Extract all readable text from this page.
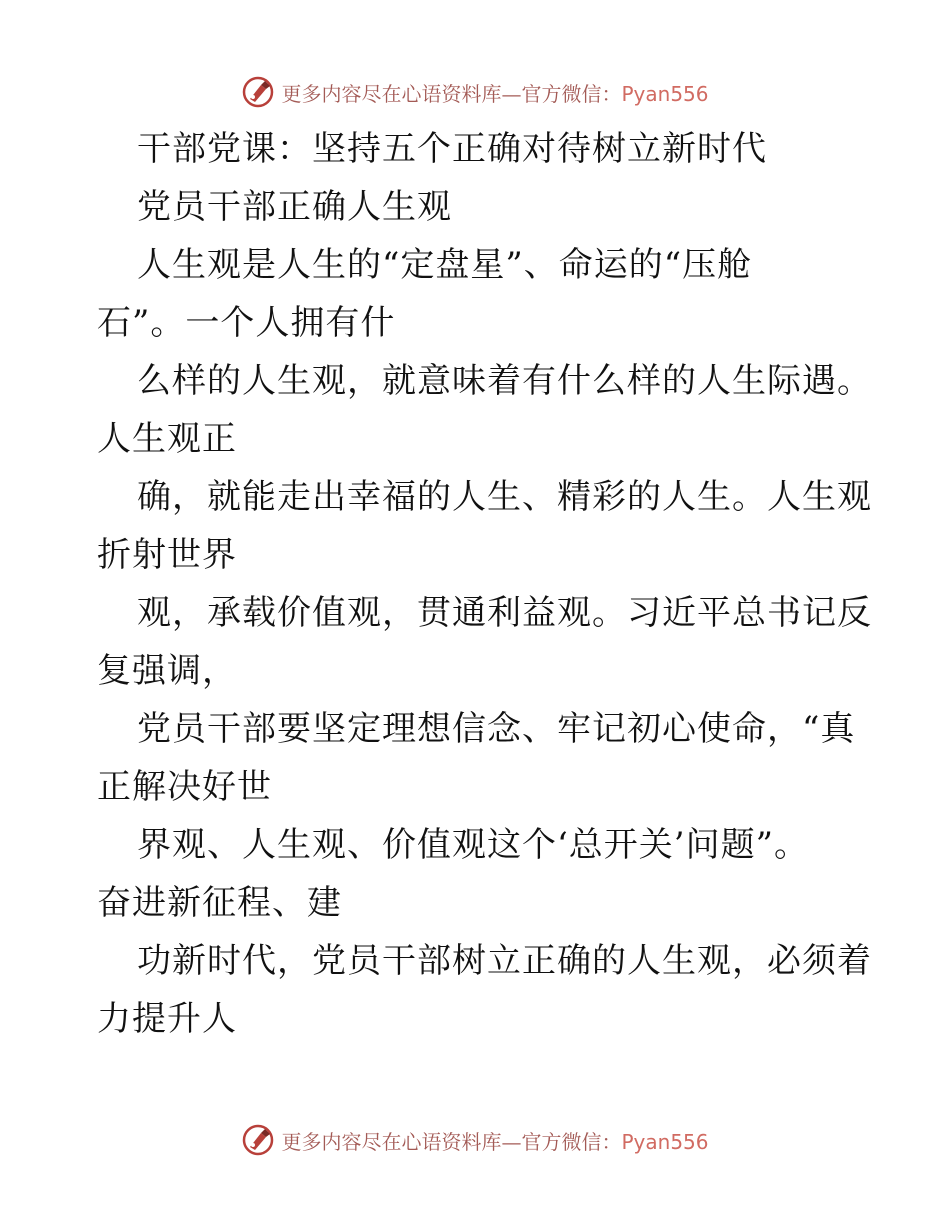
更多内容尽在心语资料库—官方微信：Pyan556
干部党课：坚持五个正确对待树立新时代
党员干部正确人生观
人生观是人生的“定盘星”、命运的“压舱
石”。一个人拥有什
么样的人生观，就意味着有什么样的人生际遇。
人生观正
确，就能走出幸福的人生、精彩的人生。人生观
折射世界
观，承载价值观，贯通利益观。习近平总书记反
复强调，
党员干部要坚定理想信念、牢记初心使命，“真
正解决好世
界观、人生观、价值观这个‘总开关’问题”。
奋进新征程、建
功新时代，党员干部树立正确的人生观，必须着
力提升人
更多内容尽在心语资料库—官方微信：Pyan556
